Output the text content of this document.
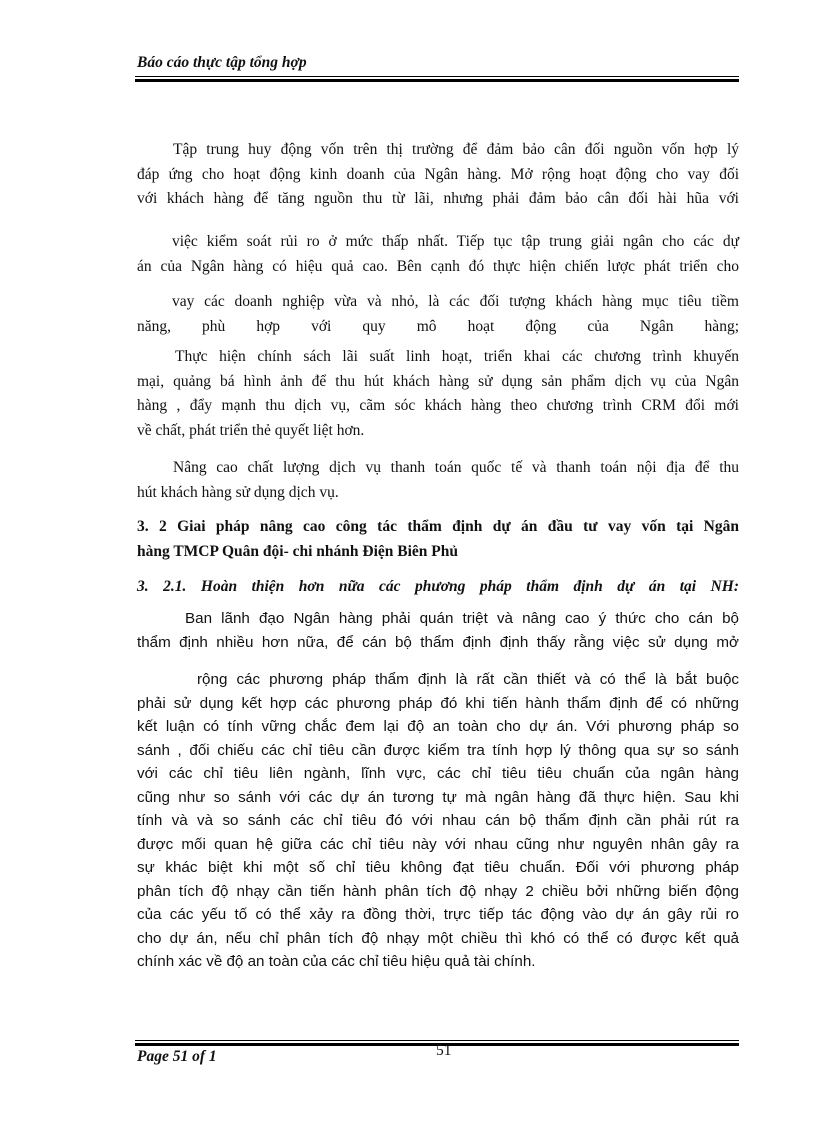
Báo cáo thực tập tổng hợp
Tập trung huy động vốn trên thị trường để đảm bảo cân đối nguồn vốn hợp lý
đáp ứng cho hoạt động kinh doanh của Ngân hàng. Mở rộng hoạt động cho vay đối
với khách hàng để tăng nguồn thu từ lãi, nhưng phải đảm bảo cân đối hài hũa với
việc kiểm soát rủi ro ở mức thấp nhất. Tiếp tục tập trung giải ngân cho các dự
án của Ngân hàng có hiệu quả cao. Bên cạnh đó thực hiện chiến lược phát triển cho
vay các doanh nghiệp vừa và nhỏ, là các đối tượng khách hàng mục tiêu tiềm
năng, phù hợp với quy mô hoạt động của Ngân hàng;
Thực hiện chính sách lãi suất linh hoạt, triển khai các chương trình khuyến
mại, quảng bá hình ảnh để thu hút khách hàng sử dụng sản phẩm dịch vụ của Ngân
hàng , đẩy mạnh thu dịch vụ, cãm sóc khách hàng theo chương trình CRM đổi mới
về chất, phát triển thẻ quyết liệt hơn.
Nâng cao chất lượng dịch vụ thanh toán quốc tế và thanh toán nội địa để thu
hút khách hàng sử dụng dịch vụ.
3. 2 Giai pháp nâng cao công tác thẩm định dự án đầu tư vay vốn tại Ngân
hàng TMCP Quân đội- chi nhánh Điện Biên Phủ
3. 2.1. Hoàn thiện hơn nữa các phương pháp thẩm định dự án tại NH:
Ban lãnh đạo Ngân hàng phải quán triệt và nâng cao ý thức cho cán bộ
thẩm định nhiều hơn nữa, để cán bộ thẩm định định thấy rằng việc sử dụng mở
rộng các phương pháp thẩm định là rất cần thiết và có thể là bắt buộc
phải sử dụng kết hợp các phương pháp đó khi tiến hành thẩm định để có những
kết luận có tính vững chắc đem lại độ an toàn cho dự án. Với phương pháp so
sánh , đối chiếu các chỉ tiêu cần được kiểm tra tính hợp lý thông qua sự so sánh
với các chỉ tiêu liên ngành, lĩnh vực, các chỉ tiêu tiêu chuẩn của ngân hàng
cũng như so sánh với các dự án tương tự mà ngân hàng đã thực hiện. Sau khi
tính và và so sánh các chỉ tiêu đó với nhau cán bộ thẩm định cần phải rút ra
được mối quan hệ giữa các chỉ tiêu này với nhau cũng như nguyên nhân gây ra
sự khác biệt khi một số chỉ tiêu không đạt tiêu chuẩn. Đối với phương pháp
phân tích độ nhạy cần tiến hành phân tích độ nhạy 2 chiều bởi những biến động
của các yếu tố có thể xảy ra đồng thời, trực tiếp tác động vào dự án gây rủi ro
cho dự án, nếu chỉ phân tích độ nhạy một chiều thì khó có thể có được kết quả
chính xác về độ an toàn của các chỉ tiêu hiệu quả tài chính.
Page 51 of 1	51
